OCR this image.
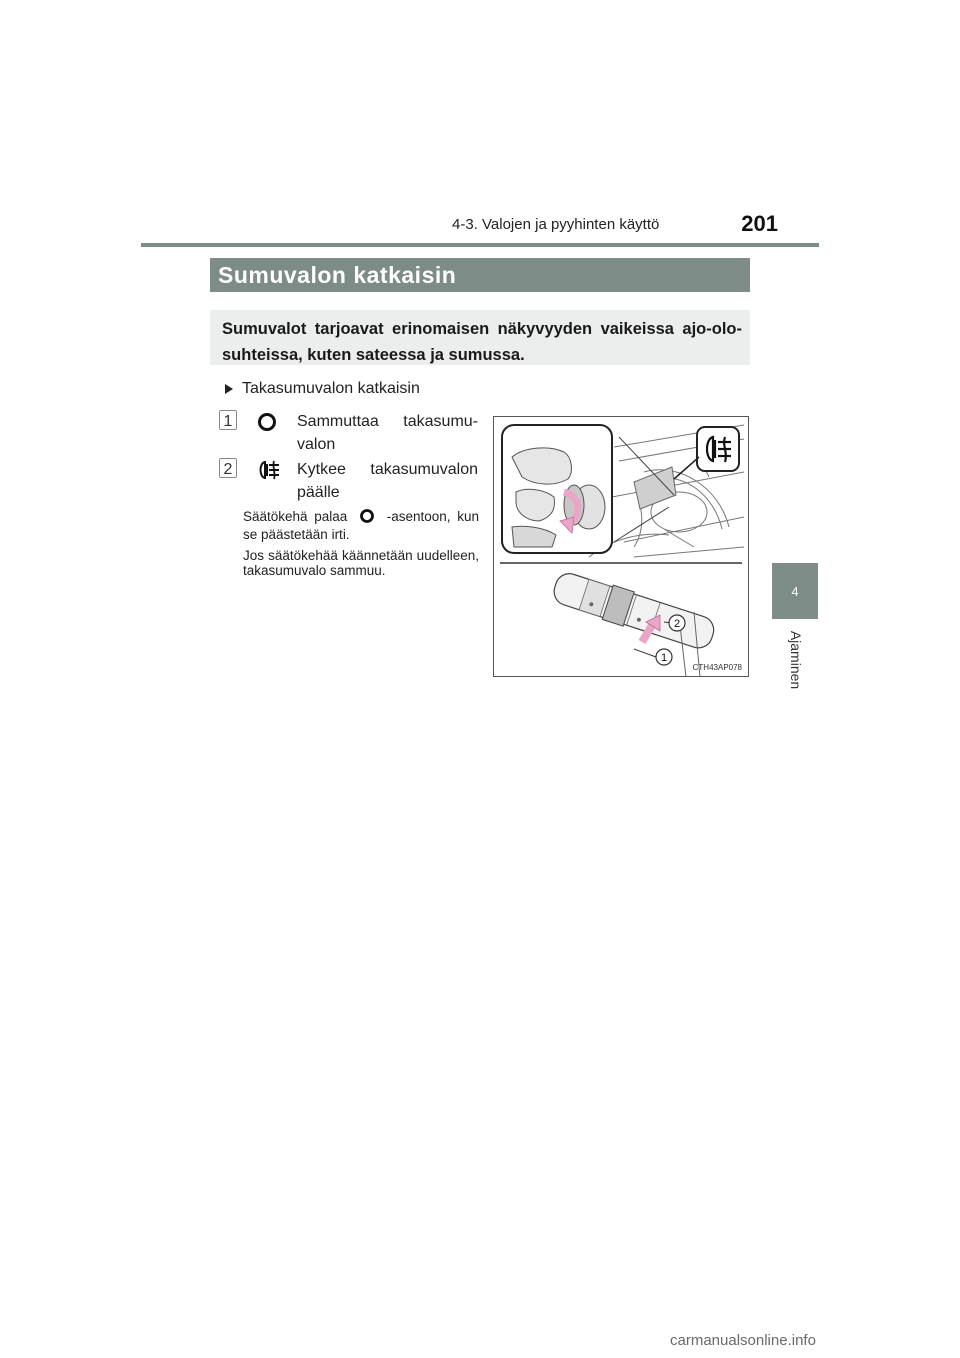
4-3. Valojen ja pyyhinten käyttö	201
4
Ajaminen
Sumuvalon katkaisin
Sumuvalot tarjoavat erinomaisen näkyvyyden vaikeissa ajo-olo-suhteissa, kuten sateessa ja sumussa.
Takasumuvalon katkaisin
1	Sammuttaa takasumu-valon
2	Kytkee takasumuvalon päälle
Säätökehä palaa	-asentoon, kun se päästetään irti.
Jos säätökehää käännetään uudelleen, takasumuvalo sammuu.
2
1
CTH43AP078
carmanualsonline.info
